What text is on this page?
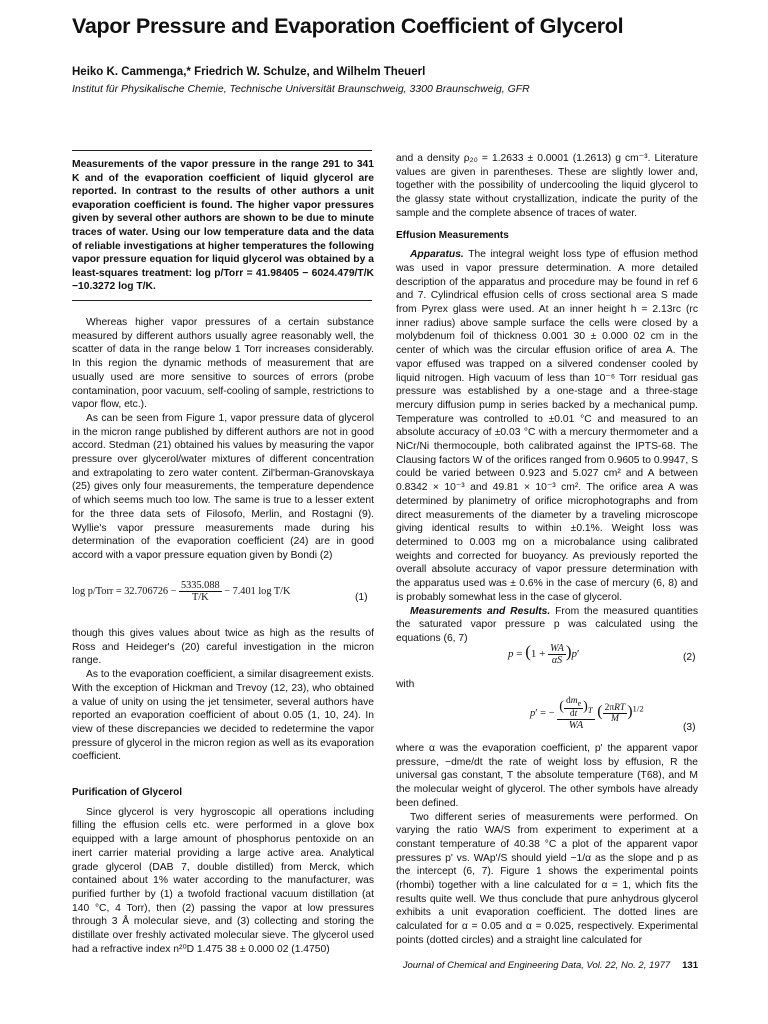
Vapor Pressure and Evaporation Coefficient of Glycerol
Heiko K. Cammenga,* Friedrich W. Schulze, and Wilhelm Theuerl
Institut für Physikalische Chemie, Technische Universität Braunschweig, 3300 Braunschweig, GFR

Measurements of the vapor pressure in the range 291 to 341 K and of the evaporation coefficient of liquid glycerol are reported. In contrast to the results of other authors a unit evaporation coefficient is found. The higher vapor pressures given by several other authors are shown to be due to minute traces of water. Using our low temperature data and the data of reliable investigations at higher temperatures the following vapor pressure equation for liquid glycerol was obtained by a least-squares treatment: log p/Torr = 41.98405 − 6024.479/T/K −10.3272 log T/K.

Whereas higher vapor pressures of a certain substance measured by different authors usually agree reasonably well, the scatter of data in the range below 1 Torr increases considerably. In this region the dynamic methods of measurement that are usually used are more sensitive to sources of errors (probe contamination, poor vacuum, self-cooling of sample, restrictions to vapor flow, etc.).

As can be seen from Figure 1, vapor pressure data of glycerol in the micron range published by different authors are not in good accord. Stedman (21) obtained his values by measuring the vapor pressure over glycerol/water mixtures of different concentration and extrapolating to zero water content. Zil'berman-Granovskaya (25) gives only four measurements, the temperature dependence of which seems much too low. The same is true to a lesser extent for the three data sets of Filosofo, Merlin, and Rostagni (9). Wyllie's vapor pressure measurements made during his determination of the evaporation coefficient (24) are in good accord with a vapor pressure equation given by Bondi (2)

log p/Torr = $32.706726 - \frac{5335.088}{T/K} - 7.401$ log T/K
(1)

though this gives values about twice as high as the results of Ross and Heideger's (20) careful investigation in the micron range.

As to the evaporation coefficient, a similar disagreement exists. With the exception of Hickman and Trevoy (12, 23), who obtained a value of unity on using the jet tensimeter, several authors have reported an evaporation coefficient of about 0.05 (1, 10, 24). In view of these discrepancies we decided to redetermine the vapor pressure of glycerol in the micron region as well as its evaporation coefficient.

Purification of Glycerol

Since glycerol is very hygroscopic all operations including filling the effusion cells etc. were performed in a glove box equipped with a large amount of phosphorus pentoxide on an inert carrier material providing a large active area. Analytical grade glycerol (DAB 7, double distilled) from Merck, which contained about 1% water according to the manufacturer, was purified further by (1) a twofold fractional vacuum distillation (at 140 °C, 4 Torr), then (2) passing the vapor at low pressures through 3 Å molecular sieve, and (3) collecting and storing the distillate over freshly activated molecular sieve. The glycerol used had a refractive index n²⁰D 1.475 38 ± 0.000 02 (1.4750)

and a density ρ₂₀ = 1.2633 ± 0.0001 (1.2613) g cm⁻³. Literature values are given in parentheses. These are slightly lower and, together with the possibility of undercooling the liquid glycerol to the glassy state without crystallization, indicate the purity of the sample and the complete absence of traces of water.

Effusion Measurements

Apparatus. The integral weight loss type of effusion method was used in vapor pressure determination. A more detailed description of the apparatus and procedure may be found in ref 6 and 7. Cylindrical effusion cells of cross sectional area S made from Pyrex glass were used. At an inner height h = 2.13rc (rc inner radius) above sample surface the cells were closed by a molybdenum foil of thickness 0.001 30 ± 0.000 02 cm in the center of which was the circular effusion orifice of area A. The vapor effused was trapped on a silvered condenser cooled by liquid nitrogen. High vacuum of less than 10⁻⁶ Torr residual gas pressure was established by a one-stage and a three-stage mercury diffusion pump in series backed by a mechanical pump. Temperature was controlled to ±0.01 °C and measured to an absolute accuracy of ±0.03 °C with a mercury thermometer and a NiCr/Ni thermocouple, both calibrated against the IPTS-68. The Clausing factors W of the orifices ranged from 0.9605 to 0.9947, S could be varied between 0.923 and 5.027 cm² and A between 0.8342 × 10⁻³ and 49.81 × 10⁻³ cm². The orifice area A was determined by planimetry of orifice microphotographs and from direct measurements of the diameter by a traveling microscope giving identical results to within ±0.1%. Weight loss was determined to 0.003 mg on a microbalance using calibrated weights and corrected for buoyancy. As previously reported the overall absolute accuracy of vapor pressure determination with the apparatus used was ± 0.6% in the case of mercury (6, 8) and is probably somewhat less in the case of glycerol.

Measurements and Results. From the measured quantities the saturated vapor pressure p was calculated using the equations (6, 7)

$p = (1 + \frac{WA}{\alpha S} )p'$	(2)
with
p′ = − $\frac{( \frac{dm_e}{dt} )_T}{WA}$ ( $\frac{\text{2πRT}}{M} )^{1/2}$
(3)

where α was the evaporation coefficient, p' the apparent vapor pressure, −dme/dt the rate of weight loss by effusion, R the universal gas constant, T the absolute temperature (T68), and M the molecular weight of glycerol. The other symbols have already been defined.

Two different series of measurements were performed. On varying the ratio WA/S from experiment to experiment at a constant temperature of 40.38 °C a plot of the apparent vapor pressures p' vs. WAp'/S should yield −1/α as the slope and p as the intercept (6, 7). Figure 1 shows the experimental points (rhombi) together with a line calculated for α = 1, which fits the results quite well. We thus conclude that pure anhydrous glycerol exhibits a unit evaporation coefficient. The dotted lines are calculated for α = 0.05 and α = 0.025, respectively. Experimental points (dotted circles) and a straight line calculated for

Journal of Chemical and Engineering Data, Vol. 22, No. 2, 1977 131
